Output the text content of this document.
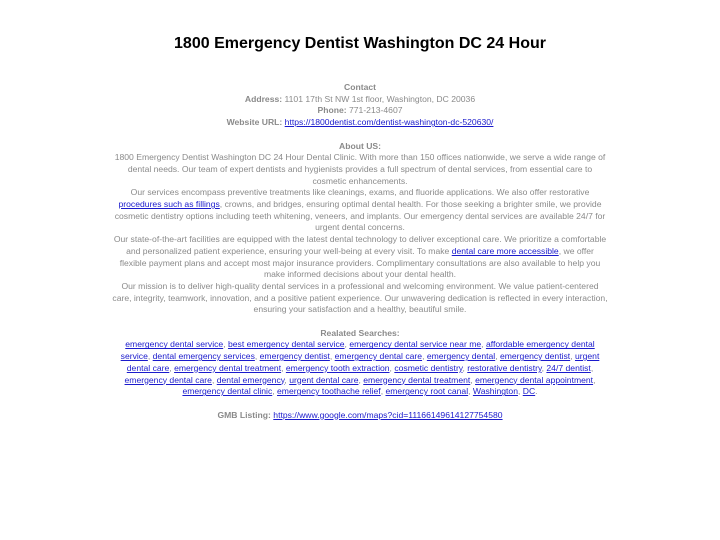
1800 Emergency Dentist Washington DC 24 Hour

Contact

Address: 1101 17th St NW 1st floor, Washington, DC 20036

Phone: 771-213-4607

Website URL: https://1800dentist.com/dentist-washington-dc-520630/

About US:

1800 Emergency Dentist Washington DC 24 Hour Dental Clinic. With more than 150 offices nationwide, we serve a wide range of dental needs. Our team of expert dentists and hygienists provides a full spectrum of dental services, from essential care to cosmetic enhancements.

Our services encompass preventive treatments like cleanings, exams, and fluoride applications. We also offer restorative procedures such as fillings, crowns, and bridges, ensuring optimal dental health. For those seeking a brighter smile, we provide cosmetic dentistry options including teeth whitening, veneers, and implants. Our emergency dental services are available 24/7 for urgent dental concerns.

Our state-of-the-art facilities are equipped with the latest dental technology to deliver exceptional care. We prioritize a comfortable and personalized patient experience, ensuring your well-being at every visit. To make dental care more accessible, we offer flexible payment plans and accept most major insurance providers. Complimentary consultations are also available to help you make informed decisions about your dental health.

Our mission is to deliver high-quality dental services in a professional and welcoming environment. We value patient-centered care, integrity, teamwork, innovation, and a positive patient experience. Our unwavering dedication is reflected in every interaction, ensuring your satisfaction and a healthy, beautiful smile.

Realated Searches:

emergency dental service, best emergency dental service, emergency dental service near me, affordable emergency dental service, dental emergency services, emergency dentist, emergency dental care, emergency dental, emergency dentist, urgent dental care, emergency dental treatment, emergency tooth extraction, cosmetic dentistry, restorative dentistry, 24/7 dentist, emergency dental care, dental emergency, urgent dental care, emergency dental treatment, emergency dental appointment, emergency dental clinic, emergency toothache relief, emergency root canal, Washington, DC.

GMB Listing: https://www.google.com/maps?cid=11166149614127754580
